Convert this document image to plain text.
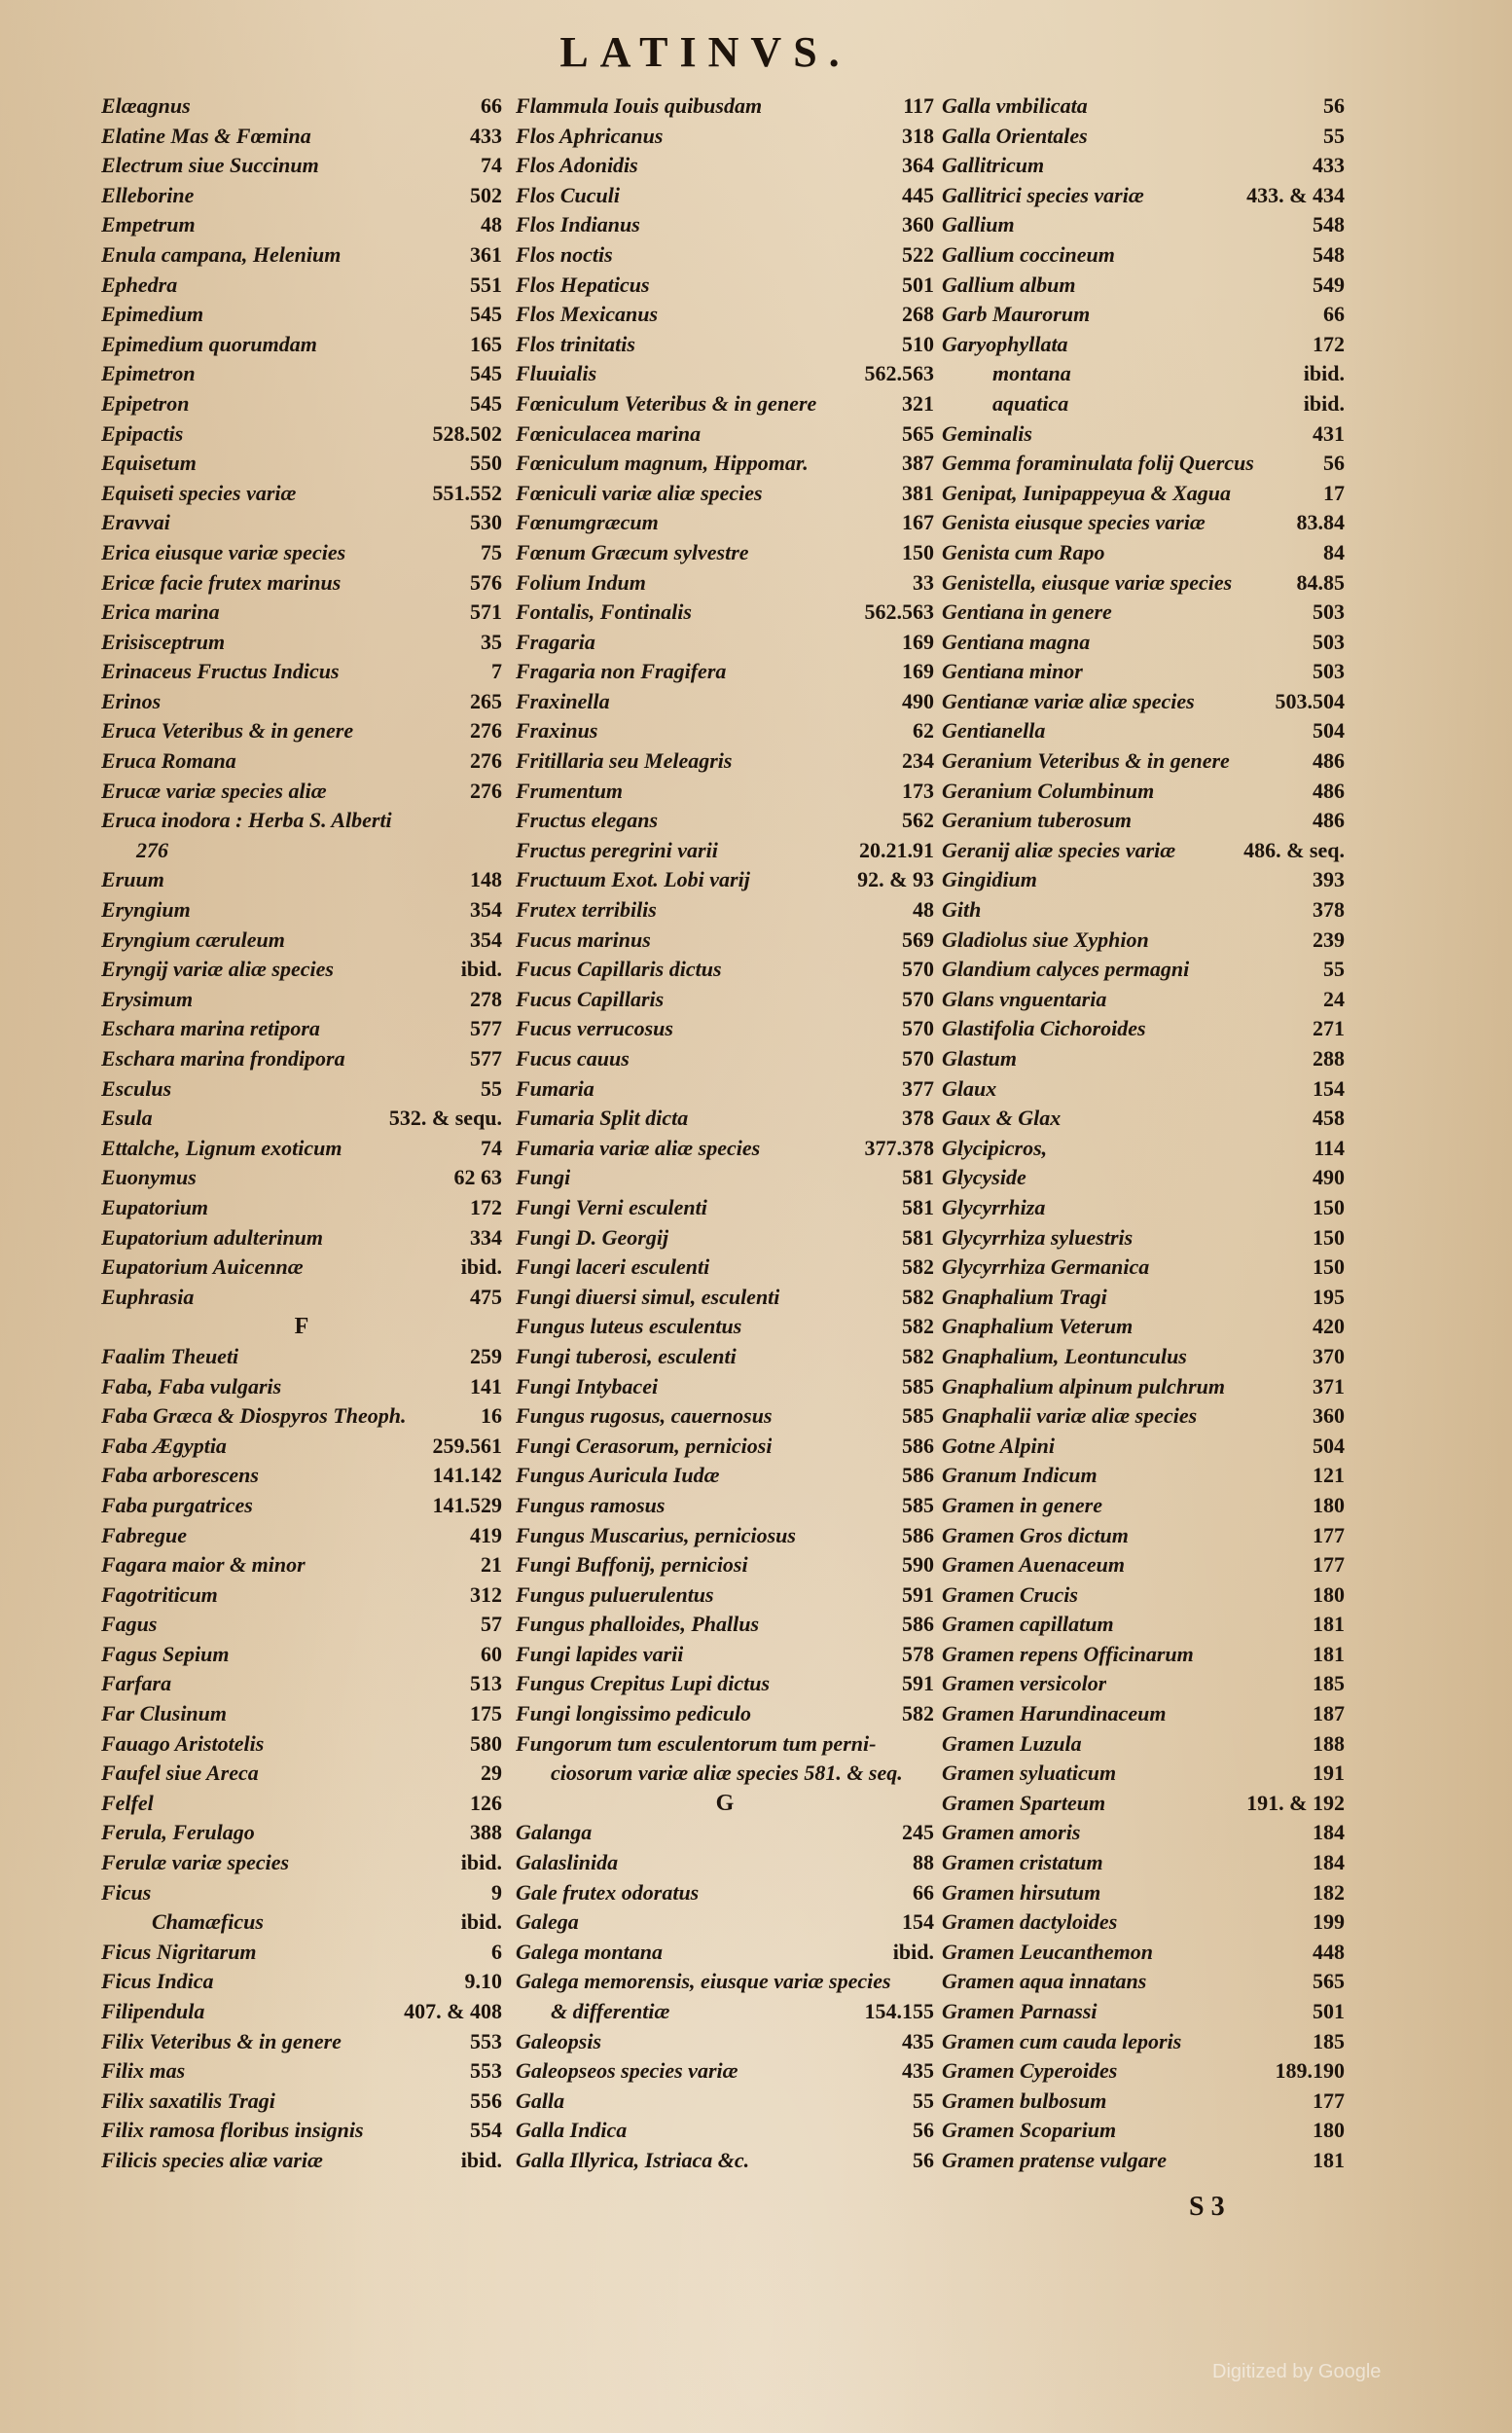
LATINVS.
Elæagnus	66
Elatine Mas & Fœmina	433
Electrum siue Succinum	74
Elleborine	502
Empetrum	48
Enula campana, Helenium	361
Ephedra	551
Epimedium	545
Epimedium quorumdam	165
Epimetron	545
Epipetron	545
Epipactis	528.502
Equisetum	550
Equiseti species variæ	551.552
Eravvai	530
Erica eiusque variæ species	75
Ericæ facie frutex marinus	576
Erica marina	571
Erisisceptrum	35
Erinaceus Fructus Indicus	7
Erinos	265
Eruca Veteribus & in genere	276
Eruca Romana	276
Erucæ variæ species aliæ	276
Eruca inodora : Herba S. Alberti
276
Eruum	148
Eryngium	354
Eryngium cæruleum	354
Eryngij variæ aliæ species	ibid.
Erysimum	278
Eschara marina retipora	577
Eschara marina frondipora	577
Esculus	55
Esula	532. & sequ.
Ettalche, Lignum exoticum	74
Euonymus	62 63
Eupatorium	172
Eupatorium adulterinum	334
Eupatorium Auicennæ	ibid.
Euphrasia	475
F
Faalim Theueti	259
Faba, Faba vulgaris	141
Faba Græca & Diospyros Theoph.	16
Faba Ægyptia	259.561
Faba arborescens	141.142
Faba purgatrices	141.529
Fabregue	419
Fagara maior & minor	21
Fagotriticum	312
Fagus	57
Fagus Sepium	60
Farfara	513
Far Clusinum	175
Fauago Aristotelis	580
Faufel siue Areca	29
Felfel	126
Ferula, Ferulago	388
Ferulæ variæ species	ibid.
Ficus	9
Chamæficus	ibid.
Ficus Nigritarum	6
Ficus Indica	9.10
Filipendula	407. & 408
Filix Veteribus & in genere	553
Filix mas	553
Filix saxatilis Tragi	556
Filix ramosa floribus insignis	554
Filicis species aliæ variæ	ibid.
Flammula Iouis quibusdam	117
Flos Aphricanus	318
Flos Adonidis	364
Flos Cuculi	445
Flos Indianus	360
Flos noctis	522
Flos Hepaticus	501
Flos Mexicanus	268
Flos trinitatis	510
Fluuialis	562.563
Fœniculum Veteribus & in genere	321
Fœniculacea marina	565
Fœniculum magnum, Hippomar.	387
Fœniculi variæ aliæ species	381
Fœnumgræcum	167
Fœnum Græcum sylvestre	150
Folium Indum	33
Fontalis, Fontinalis	562.563
Fragaria	169
Fragaria non Fragifera	169
Fraxinella	490
Fraxinus	62
Fritillaria seu Meleagris	234
Frumentum	173
Fructus elegans	562
Fructus peregrini varii	20.21.91
Fructuum Exot. Lobi varij	92. & 93
Frutex terribilis	48
Fucus marinus	569
Fucus Capillaris dictus	570
Fucus Capillaris	570
Fucus verrucosus	570
Fucus cauus	570
Fumaria	377
Fumaria Split dicta	378
Fumaria variæ aliæ species	377.378
Fungi	581
Fungi Verni esculenti	581
Fungi D. Georgij	581
Fungi laceri esculenti	582
Fungi diuersi simul, esculenti	582
Fungus luteus esculentus	582
Fungi tuberosi, esculenti	582
Fungi Intybacei	585
Fungus rugosus, cauernosus	585
Fungi Cerasorum, perniciosi	586
Fungus Auricula Iudæ	586
Fungus ramosus	585
Fungus Muscarius, perniciosus	586
Fungi Buffonij, perniciosi	590
Fungus puluerulentus	591
Fungus phalloides, Phallus	586
Fungi lapides varii	578
Fungus Crepitus Lupi dictus	591
Fungi longissimo pediculo	582
Fungorum tum esculentorum tum perni-
ciosorum variæ aliæ species 581. & seq.
G
Galanga	245
Galaslinida	88
Gale frutex odoratus	66
Galega	154
Galega montana	ibid.
Galega memorensis, eiusque variæ species
& differentiæ	154.155
Galeopsis	435
Galeopseos species variæ	435
Galla	55
Galla Indica	56
Galla Illyrica, Istriaca &c.	56
Galla vmbilicata	56
Galla Orientales	55
Gallitricum	433
Gallitrici species variæ	433. & 434
Gallium	548
Gallium coccineum	548
Gallium album	549
Garb Maurorum	66
Garyophyllata	172
montana	ibid.
aquatica	ibid.
Geminalis	431
Gemma foraminulata folij Quercus	56
Genipat, Iunipappeyua & Xagua	17
Genista eiusque species variæ	83.84
Genista cum Rapo	84
Genistella, eiusque variæ species	84.85
Gentiana in genere	503
Gentiana magna	503
Gentiana minor	503
Gentianæ variæ aliæ species	503.504
Gentianella	504
Geranium Veteribus & in genere	486
Geranium Columbinum	486
Geranium tuberosum	486
Geranij aliæ species variæ	486. & seq.
Gingidium	393
Gith	378
Gladiolus siue Xyphion	239
Glandium calyces permagni	55
Glans vnguentaria	24
Glastifolia Cichoroides	271
Glastum	288
Glaux	154
Gaux & Glax	458
Glycipicros,	114
Glycyside	490
Glycyrrhiza	150
Glycyrrhiza syluestris	150
Glycyrrhiza Germanica	150
Gnaphalium Tragi	195
Gnaphalium Veterum	420
Gnaphalium, Leontunculus	370
Gnaphalium alpinum pulchrum	371
Gnaphalii variæ aliæ species	360
Gotne Alpini	504
Granum Indicum	121
Gramen in genere	180
Gramen Gros dictum	177
Gramen Auenaceum	177
Gramen Crucis	180
Gramen capillatum	181
Gramen repens Officinarum	181
Gramen versicolor	185
Gramen Harundinaceum	187
Gramen Luzula	188
Gramen syluaticum	191
Gramen Sparteum	191. & 192
Gramen amoris	184
Gramen cristatum	184
Gramen hirsutum	182
Gramen dactyloides	199
Gramen Leucanthemon	448
Gramen aqua innatans	565
Gramen Parnassi	501
Gramen cum cauda leporis	185
Gramen Cyperoides	189.190
Gramen bulbosum	177
Gramen Scoparium	180
Gramen pratense vulgare	181
S 3
Digitized by Google
